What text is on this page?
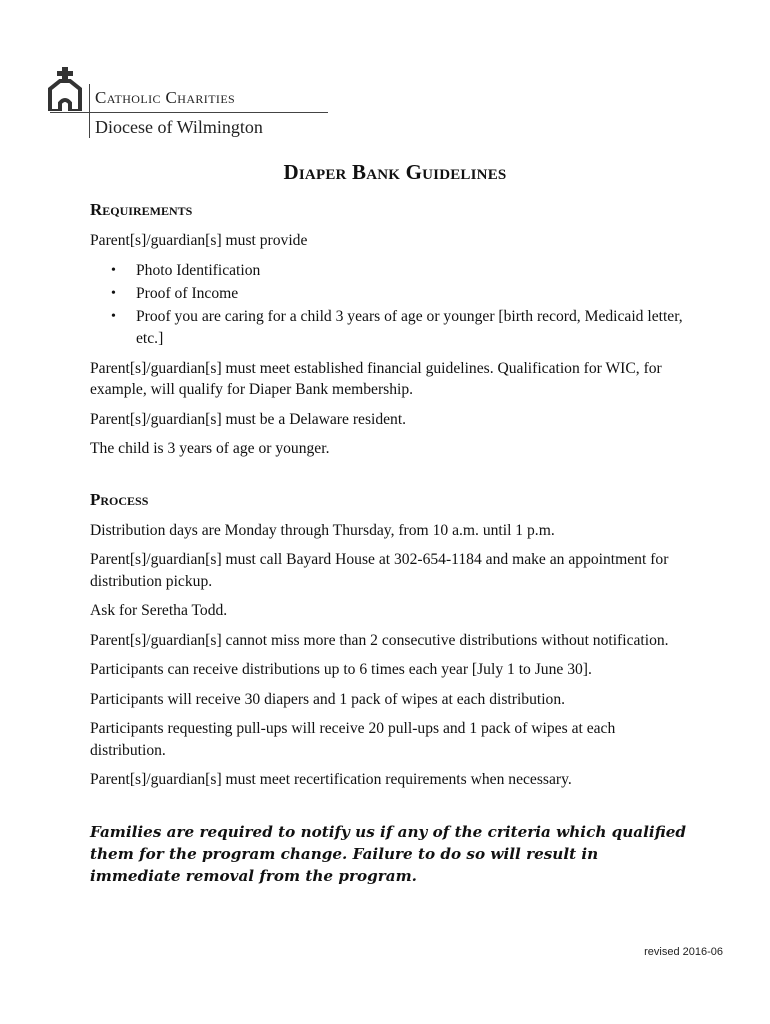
Catholic Charities
Diocese of Wilmington
Diaper Bank Guidelines
Requirements

Parent[s]/guardian[s] must provide

• Photo Identification
• Proof of Income
• Proof you are caring for a child 3 years of age or younger [birth record, Medicaid letter, etc.]

Parent[s]/guardian[s] must meet established financial guidelines. Qualification for WIC, for example, will qualify for Diaper Bank membership.

Parent[s]/guardian[s] must be a Delaware resident.

The child is 3 years of age or younger.

Process

Distribution days are Monday through Thursday, from 10 a.m. until 1 p.m.

Parent[s]/guardian[s] must call Bayard House at 302-654-1184 and make an appointment for distribution pickup.

Ask for Seretha Todd.

Parent[s]/guardian[s] cannot miss more than 2 consecutive distributions without notification.

Participants can receive distributions up to 6 times each year [July 1 to June 30].

Participants will receive 30 diapers and 1 pack of wipes at each distribution.

Participants requesting pull-ups will receive 20 pull-ups and 1 pack of wipes at each distribution.

Parent[s]/guardian[s] must meet recertification requirements when necessary.

Families are required to notify us if any of the criteria which qualified them for the program change. Failure to do so will result in immediate removal from the program.
revised 2016-06
